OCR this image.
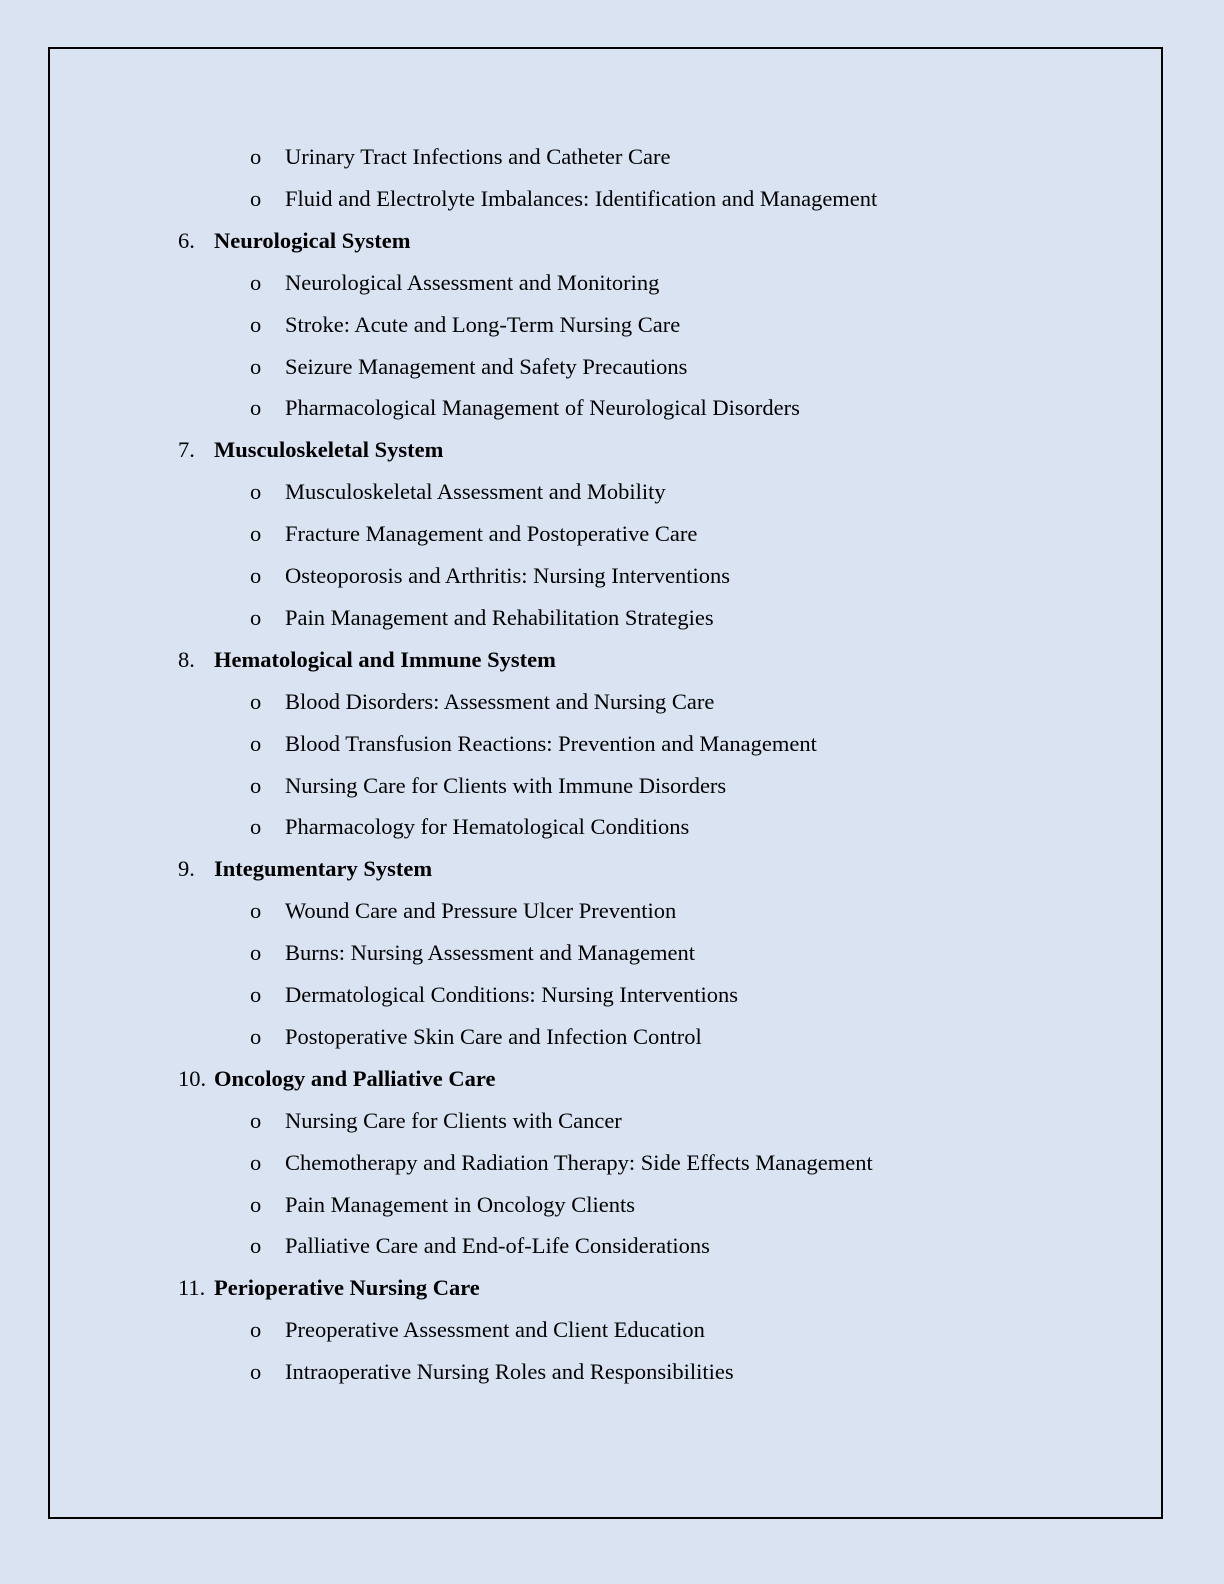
o Urinary Tract Infections and Catheter Care
o Fluid and Electrolyte Imbalances: Identification and Management
6. Neurological System
o Neurological Assessment and Monitoring
o Stroke: Acute and Long-Term Nursing Care
o Seizure Management and Safety Precautions
o Pharmacological Management of Neurological Disorders
7. Musculoskeletal System
o Musculoskeletal Assessment and Mobility
o Fracture Management and Postoperative Care
o Osteoporosis and Arthritis: Nursing Interventions
o Pain Management and Rehabilitation Strategies
8. Hematological and Immune System
o Blood Disorders: Assessment and Nursing Care
o Blood Transfusion Reactions: Prevention and Management
o Nursing Care for Clients with Immune Disorders
o Pharmacology for Hematological Conditions
9. Integumentary System
o Wound Care and Pressure Ulcer Prevention
o Burns: Nursing Assessment and Management
o Dermatological Conditions: Nursing Interventions
o Postoperative Skin Care and Infection Control
10. Oncology and Palliative Care
o Nursing Care for Clients with Cancer
o Chemotherapy and Radiation Therapy: Side Effects Management
o Pain Management in Oncology Clients
o Palliative Care and End-of-Life Considerations
11. Perioperative Nursing Care
o Preoperative Assessment and Client Education
o Intraoperative Nursing Roles and Responsibilities
